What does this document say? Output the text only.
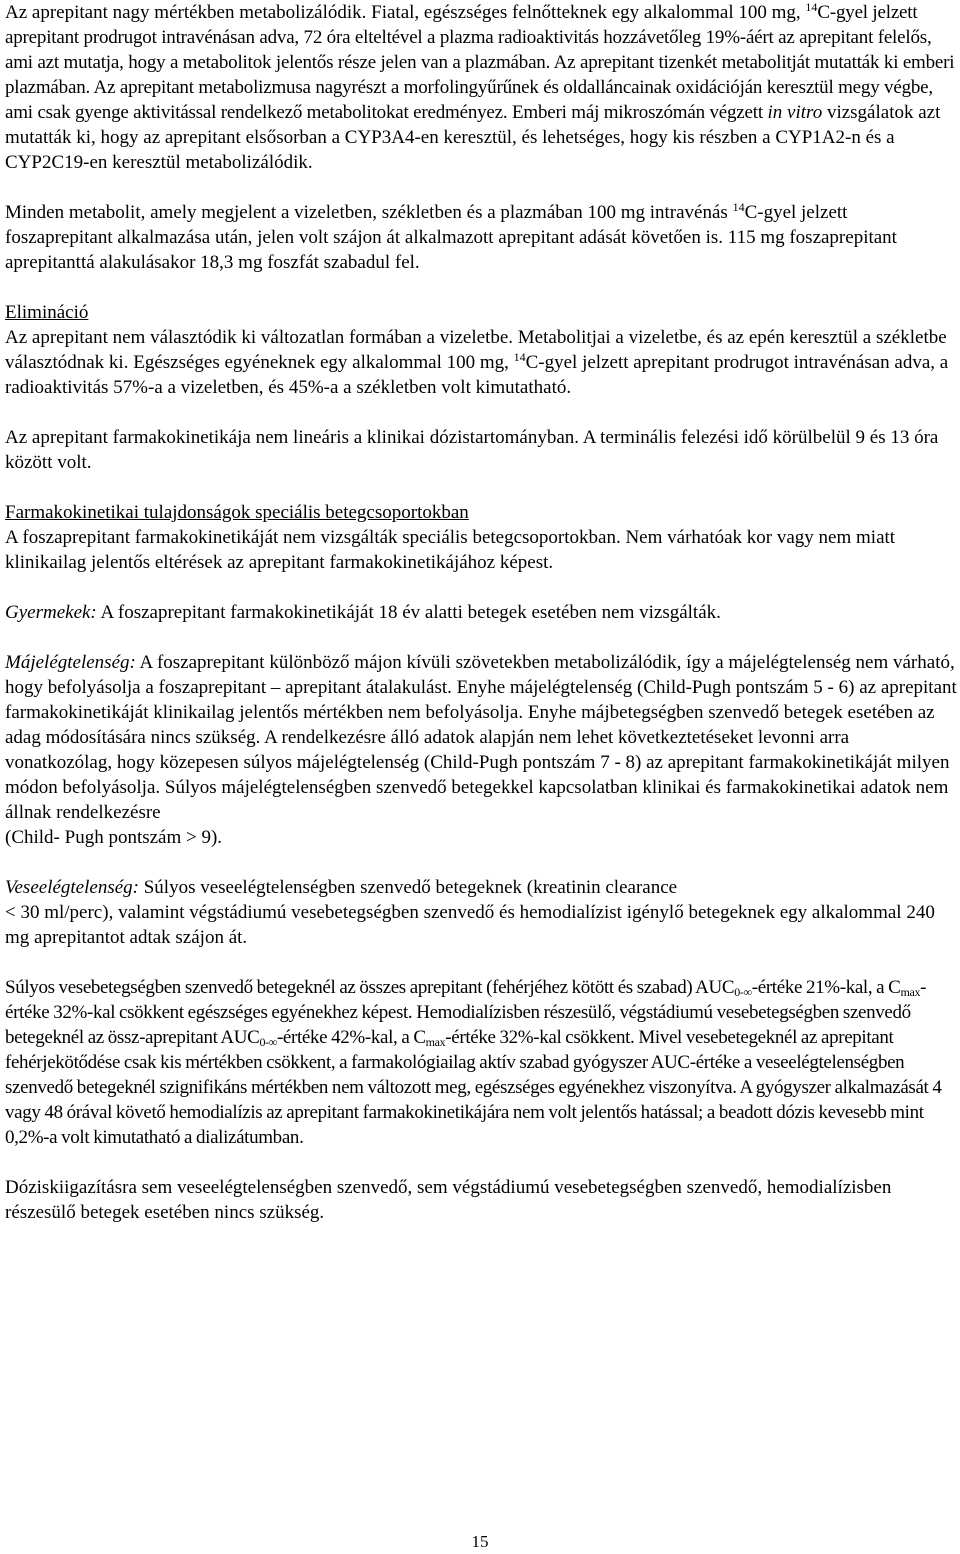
Az aprepitant nagy mértékben metabolizálódik. Fiatal, egészséges felnőtteknek egy alkalommal 100 mg, $^{14}$C-gyel jelzett aprepitant prodrugot intravénásan adva, 72 óra elteltével a plazma radioaktivitás hozzávetőleg 19%-áért az aprepitant felelős, ami azt mutatja, hogy a metabolitok jelentős része jelen van a plazmában. Az aprepitant tizenkét metabolitját mutatták ki emberi plazmában. Az aprepitant metabolizmusa nagyrészt a morfolingyűrűnek és oldalláncainak oxidációján keresztül megy végbe, ami csak gyenge aktivitással rendelkező metabolitokat eredményez. Emberi máj mikroszómán végzett in vitro vizsgálatok azt mutatták ki, hogy az aprepitant elsősorban a CYP3A4-en keresztül, és lehetséges, hogy kis részben a CYP1A2-n és a CYP2C19-en keresztül metabolizálódik.

Minden metabolit, amely megjelent a vizeletben, székletben és a plazmában 100 mg intravénás $^{14}$C-gyel jelzett foszaprepitant alkalmazása után, jelen volt szájon át alkalmazott aprepitant adását követően is. 115 mg foszaprepitant aprepitanttá alakulásakor 18,3 mg foszfát szabadul fel.

Elimináció

Az aprepitant nem választódik ki változatlan formában a vizeletbe. Metabolitjai a vizeletbe, és az epén keresztül a székletbe választódnak ki. Egészséges egyéneknek egy alkalommal 100 mg, $^{14}$C-gyel jelzett aprepitant prodrugot intravénásan adva, a radioaktivitás 57%-a a vizeletben, és 45%-a a székletben volt kimutatható.

Az aprepitant farmakokinetikája nem lineáris a klinikai dózistartományban. A terminális felezési idő körülbelül 9 és 13 óra között volt.

Farmakokinetikai tulajdonságok speciális betegcsoportokban

A foszaprepitant farmakokinetikáját nem vizsgálták speciális betegcsoportokban. Nem várhatóak kor vagy nem miatt klinikailag jelentős eltérések az aprepitant farmakokinetikájához képest.

Gyermekek: A foszaprepitant farmakokinetikáját 18 év alatti betegek esetében nem vizsgálták.

Májelégtelenség: A foszaprepitant különböző májon kívüli szövetekben metabolizálódik, így a májelégtelenség nem várható, hogy befolyásolja a foszaprepitant – aprepitant átalakulást. Enyhe májelégtelenség (Child-Pugh pontszám 5 - 6) az aprepitant farmakokinetikáját klinikailag jelentős mértékben nem befolyásolja. Enyhe májbetegségben szenvedő betegek esetében az adag módosítására nincs szükség. A rendelkezésre álló adatok alapján nem lehet következtetéseket levonni arra vonatkozólag, hogy közepesen súlyos májelégtelenség (Child-Pugh pontszám 7 - 8) az aprepitant farmakokinetikáját milyen módon befolyásolja. Súlyos májelégtelenségben szenvedő betegekkel kapcsolatban klinikai és farmakokinetikai adatok nem állnak rendelkezésre
(Child- Pugh pontszám > 9).

Veseelégtelenség: Súlyos veseelégtelenségben szenvedő betegeknek (kreatinin clearance
< 30 ml/perc), valamint végstádiumú vesebetegségben szenvedő és hemodialízist igénylő betegeknek egy alkalommal 240 mg aprepitantot adtak szájon át.

Súlyos vesebetegségben szenvedő betegeknél az összes aprepitant (fehérjéhez kötött és szabad) $AUC_{0-\infty}$-értéke 21%-kal, a $C_{max}$-értéke 32%-kal csökkent egészséges egyénekhez képest. Hemodialízisben részesülő, végstádiumú vesebetegségben szenvedő betegeknél az össz-aprepitant $AUC_{0-\infty}$-értéke 42%-kal, a $C_{max}$-értéke 32%-kal csökkent. Mivel vesebetegeknél az aprepitant fehérjekötődése csak kis mértékben csökkent, a farmakológiailag aktív szabad gyógyszer AUC-értéke a veseelégtelenségben szenvedő betegeknél szignifikáns mértékben nem változott meg, egészséges egyénekhez viszonyítva. A gyógyszer alkalmazását 4 vagy 48 órával követő hemodialízis az aprepitant farmakokinetikájára nem volt jelentős hatással; a beadott dózis kevesebb mint 0,2%-a volt kimutatható a dializátumban.

Dóziskiigazításra sem veseelégtelenségben szenvedő, sem végstádiumú vesebetegségben szenvedő, hemodialízisben részesülő betegek esetében nincs szükség.

15
